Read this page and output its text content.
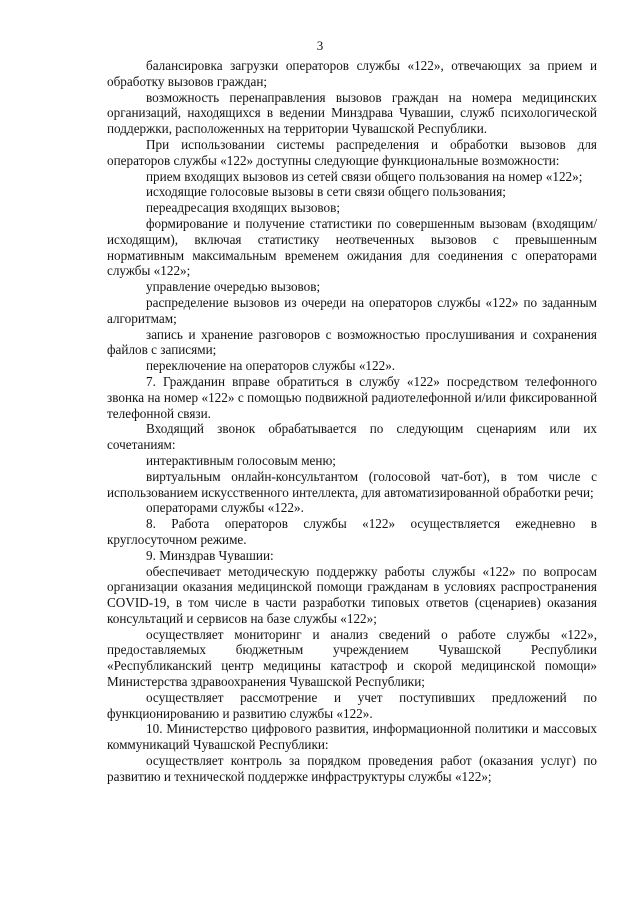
3

балансировка загрузки операторов службы «122», отвечающих за прием и обработку вызовов граждан;

возможность перенаправления вызовов граждан на номера медицинских организаций, находящихся в ведении Минздрава Чувашии, служб психологической поддержки, расположенных на территории Чувашской Республики.

При использовании системы распределения и обработки вызовов для операторов службы «122» доступны следующие функциональные возможности:

прием входящих вызовов из сетей связи общего пользования на номер «122»;

исходящие голосовые вызовы в сети связи общего пользования;

переадресация входящих вызовов;

формирование и получение статистики по совершенным вызовам (входящим/исходящим), включая статистику неотвеченных вызовов с превышенным нормативным максимальным временем ожидания для соединения с операторами службы «122»;

управление очередью вызовов;

распределение вызовов из очереди на операторов службы «122» по заданным алгоритмам;

запись и хранение разговоров с возможностью прослушивания и сохранения файлов с записями;

переключение на операторов службы «122».

7. Гражданин вправе обратиться в службу «122» посредством телефонного звонка на номер «122» с помощью подвижной радиотелефонной и/или фиксированной телефонной связи.

Входящий звонок обрабатывается по следующим сценариям или их сочетаниям:

интерактивным голосовым меню;

виртуальным онлайн-консультантом (голосовой чат-бот), в том числе с использованием искусственного интеллекта, для автоматизированной обработки речи;

операторами службы «122».

8. Работа операторов службы «122» осуществляется ежедневно в круглосуточном режиме.

9. Минздрав Чувашии:

обеспечивает методическую поддержку работы службы «122» по вопросам организации оказания медицинской помощи гражданам в условиях распространения COVID-19, в том числе в части разработки типовых ответов (сценариев) оказания консультаций и сервисов на базе службы «122»;

осуществляет мониторинг и анализ сведений о работе службы «122», предоставляемых бюджетным учреждением Чувашской Республики «Республиканский центр медицины катастроф и скорой медицинской помощи» Министерства здравоохранения Чувашской Республики;

осуществляет рассмотрение и учет поступивших предложений по функционированию и развитию службы «122».

10. Министерство цифрового развития, информационной политики и массовых коммуникаций Чувашской Республики:

осуществляет контроль за порядком проведения работ (оказания услуг) по развитию и технической поддержке инфраструктуры службы «122»;
